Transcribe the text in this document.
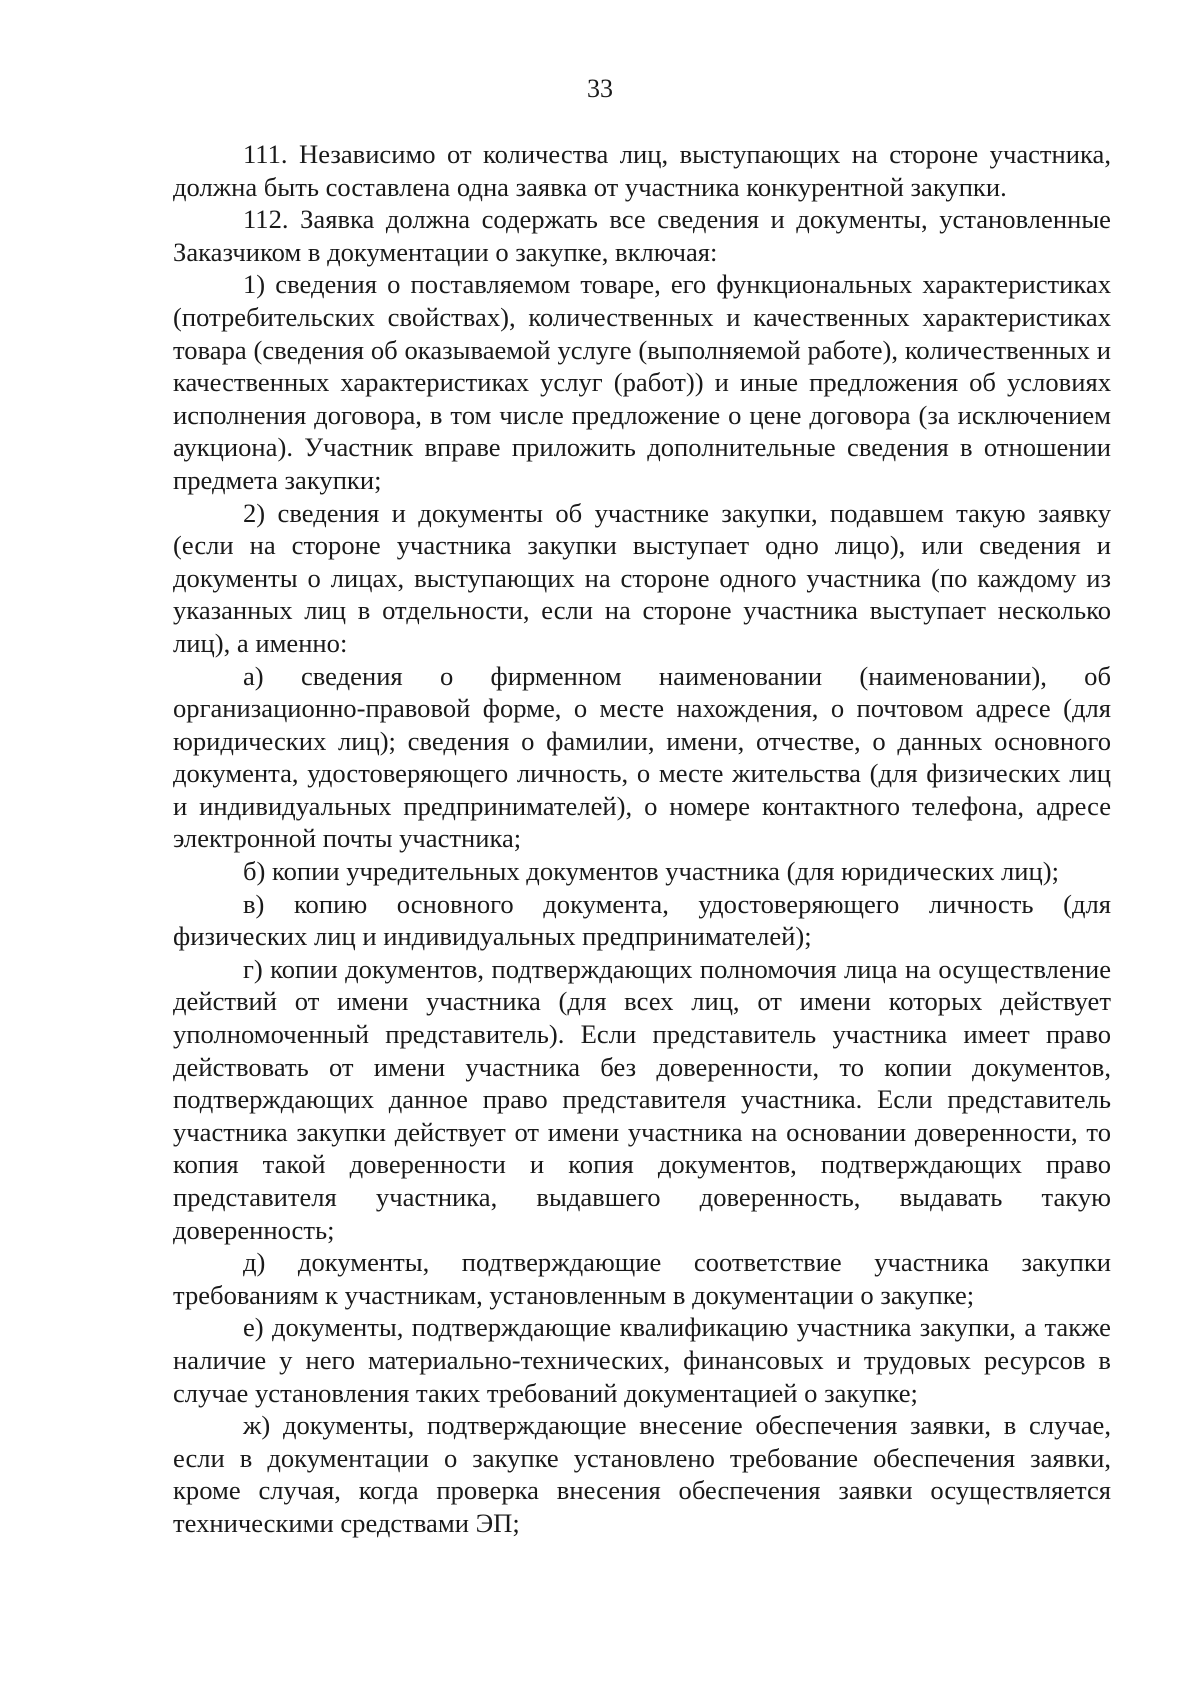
33

111. Независимо от количества лиц, выступающих на стороне участника, должна быть составлена одна заявка от участника конкурентной закупки.

112. Заявка должна содержать все сведения и документы, установленные Заказчиком в документации о закупке, включая:

1) сведения о поставляемом товаре, его функциональных характеристиках (потребительских свойствах), количественных и качественных характеристиках товара (сведения об оказываемой услуге (выполняемой работе), количественных и качественных характеристиках услуг (работ)) и иные предложения об условиях исполнения договора, в том числе предложение о цене договора (за исключением аукциона). Участник вправе приложить дополнительные сведения в отношении предмета закупки;

2) сведения и документы об участнике закупки, подавшем такую заявку (если на стороне участника закупки выступает одно лицо), или сведения и документы о лицах, выступающих на стороне одного участника (по каждому из указанных лиц в отдельности, если на стороне участника выступает несколько лиц), а именно:

а) сведения о фирменном наименовании (наименовании), об организационно-правовой форме, о месте нахождения, о почтовом адресе (для юридических лиц); сведения о фамилии, имени, отчестве, о данных основного документа, удостоверяющего личность, о месте жительства (для физических лиц и индивидуальных предпринимателей), о номере контактного телефона, адресе электронной почты участника;

б) копии учредительных документов участника (для юридических лиц);

в) копию основного документа, удостоверяющего личность (для физических лиц и индивидуальных предпринимателей);

г) копии документов, подтверждающих полномочия лица на осуществление действий от имени участника (для всех лиц, от имени которых действует уполномоченный представитель). Если представитель участника имеет право действовать от имени участника без доверенности, то копии документов, подтверждающих данное право представителя участника. Если представитель участника закупки действует от имени участника на основании доверенности, то копия такой доверенности и копия документов, подтверждающих право представителя участника, выдавшего доверенность, выдавать такую доверенность;

д) документы, подтверждающие соответствие участника закупки требованиям к участникам, установленным в документации о закупке;

е) документы, подтверждающие квалификацию участника закупки, а также наличие у него материально-технических, финансовых и трудовых ресурсов в случае установления таких требований документацией о закупке;

ж) документы, подтверждающие внесение обеспечения заявки, в случае, если в документации о закупке установлено требование обеспечения заявки, кроме случая, когда проверка внесения обеспечения заявки осуществляется техническими средствами ЭП;
